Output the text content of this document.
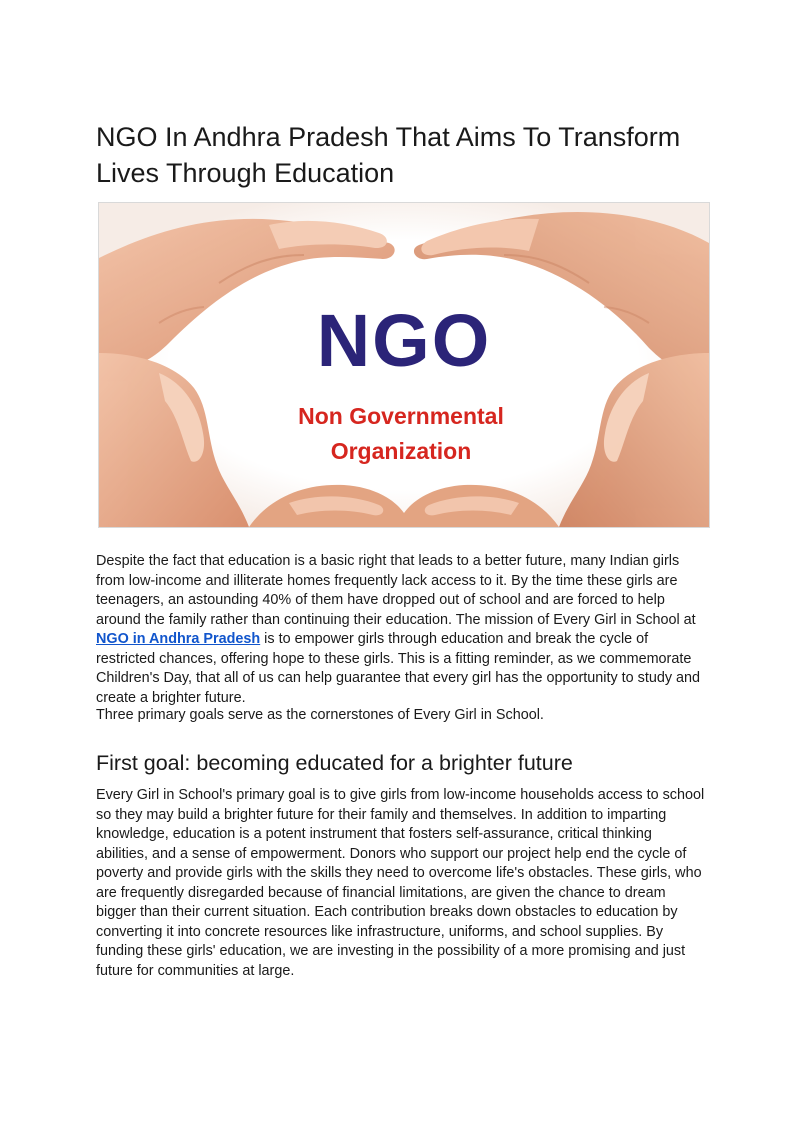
NGO In Andhra Pradesh That Aims To Transform Lives Through Education
NGO
Non Governmental
Organization

Despite the fact that education is a basic right that leads to a better future, many Indian girls from low-income and illiterate homes frequently lack access to it. By the time these girls are teenagers, an astounding 40% of them have dropped out of school and are forced to help around the family rather than continuing their education. The mission of Every Girl in School at NGO in Andhra Pradesh is to empower girls through education and break the cycle of restricted chances, offering hope to these girls. This is a fitting reminder, as we commemorate Children's Day, that all of us can help guarantee that every girl has the opportunity to study and create a brighter future.

Three primary goals serve as the cornerstones of Every Girl in School.

First goal: becoming educated for a brighter future

Every Girl in School's primary goal is to give girls from low-income households access to school so they may build a brighter future for their family and themselves. In addition to imparting knowledge, education is a potent instrument that fosters self-assurance, critical thinking abilities, and a sense of empowerment. Donors who support our project help end the cycle of poverty and provide girls with the skills they need to overcome life's obstacles. These girls, who are frequently disregarded because of financial limitations, are given the chance to dream bigger than their current situation. Each contribution breaks down obstacles to education by converting it into concrete resources like infrastructure, uniforms, and school supplies. By funding these girls' education, we are investing in the possibility of a more promising and just future for communities at large.
